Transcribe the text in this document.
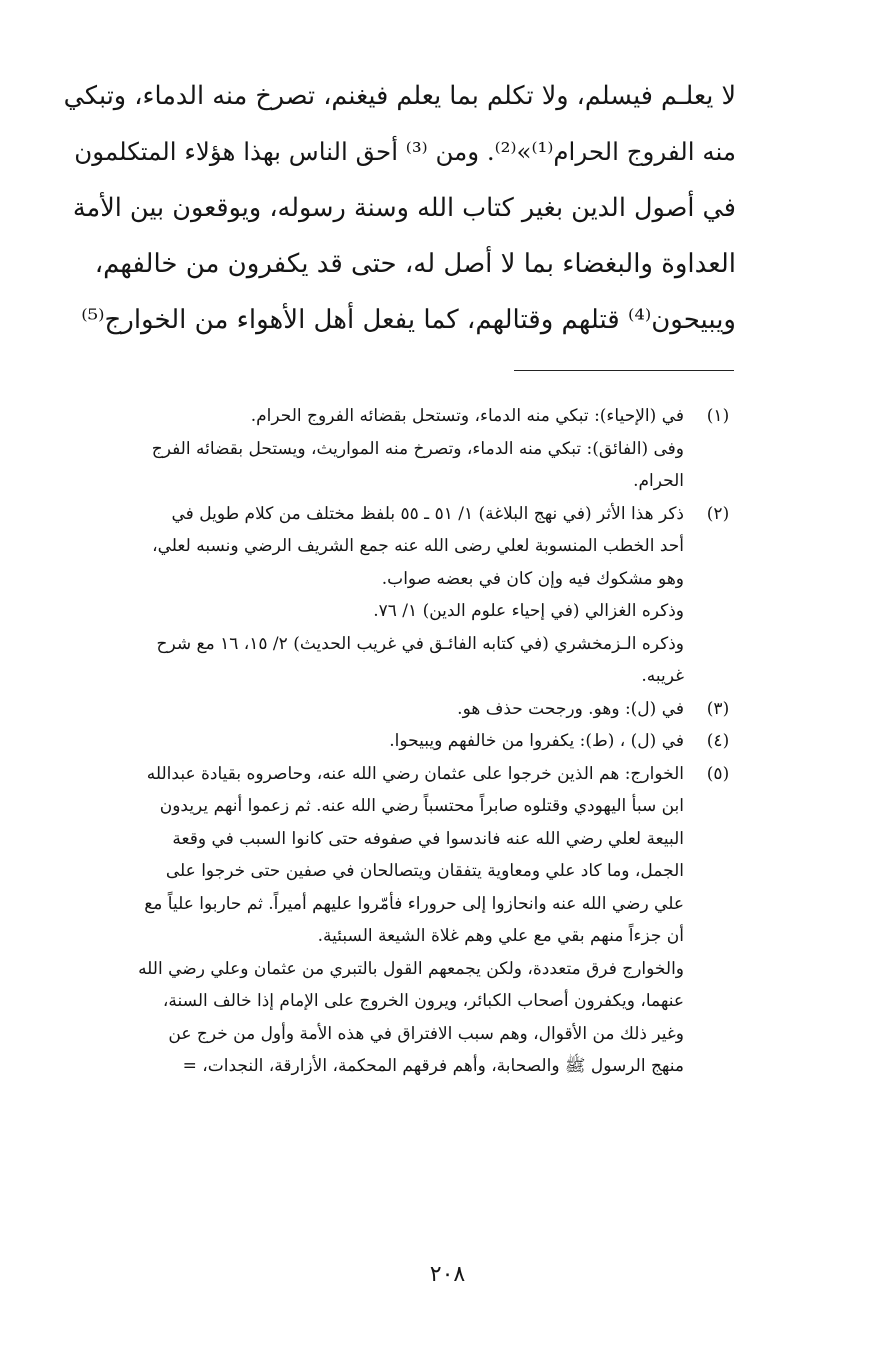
لا يعلـم فيسلم، ولا تكلم بما يعلم فيغنم، تصرخ منه الدماء، وتبكي
منه الفروج الحرام⁽¹⁾»⁽²⁾. ومن ⁽³⁾ أحق الناس بهذا هؤلاء المتكلمون
في أصول الدين بغير كتاب الله وسنة رسوله، ويوقعون بين الأمة
العداوة والبغضاء بما لا أصل له، حتى قد يكفرون من خالفهم،
ويبيحون⁽⁴⁾ قتلهم وقتالهم، كما يفعل أهل الأهواء من الخوارج⁽⁵⁾
(١)
في (الإحياء): تبكي منه الدماء، وتستحل بقضائه الفروج الحرام.
وفى (الفائق): تبكي منه الدماء، وتصرخ منه المواريث، ويستحل بقضائه الفرج
الحرام.
(٢)
ذكر هذا الأثر (في نهج البلاغة) ١/ ٥١ ـ ٥٥ بلفظ مختلف من كلام طويل في
أحد الخطب المنسوبة لعلي رضى الله عنه جمع الشريف الرضي ونسبه لعلي،
وهو مشكوك فيه وإن كان في بعضه صواب.
وذكره الغزالي (في إحياء علوم الدين) ١/ ٧٦.
وذكره الـزمخشري (في كتابه الفائـق في غريب الحديث) ٢/ ١٥، ١٦ مع شرح
غريبه.
(٣)
في (ل): وهو. ورجحت حذف هو.
(٤)
في (ل) ، (ط): يكفروا من خالفهم ويبيحوا.
(٥)
الخوارج: هم الذين خرجوا على عثمان رضي الله عنه، وحاصروه بقيادة عبدالله
ابن سبأ اليهودي وقتلوه صابراً محتسباً رضي الله عنه. ثم زعموا أنهم يريدون
البيعة لعلي رضي الله عنه فاندسوا في صفوفه حتى كانوا السبب في وقعة
الجمل، وما كاد علي ومعاوية يتفقان ويتصالحان في صفين حتى خرجوا على
علي رضي الله عنه وانحازوا إلى حروراء فأمّروا عليهم أميراً. ثم حاربوا علياً مع
أن جزءاً منهم بقي مع علي وهم غلاة الشيعة السبئية.
والخوارج فرق متعددة، ولكن يجمعهم القول بالتبري من عثمان وعلي رضي الله
عنهما، ويكفرون أصحاب الكبائر، ويرون الخروج على الإمام إذا خالف السنة،
وغير ذلك من الأقوال، وهم سبب الافتراق في هذه الأمة وأول من خرج عن
منهج الرسول ﷺ والصحابة، وأهم فرقهم المحكمة، الأزارقة، النجدات، =
٢٠٨
